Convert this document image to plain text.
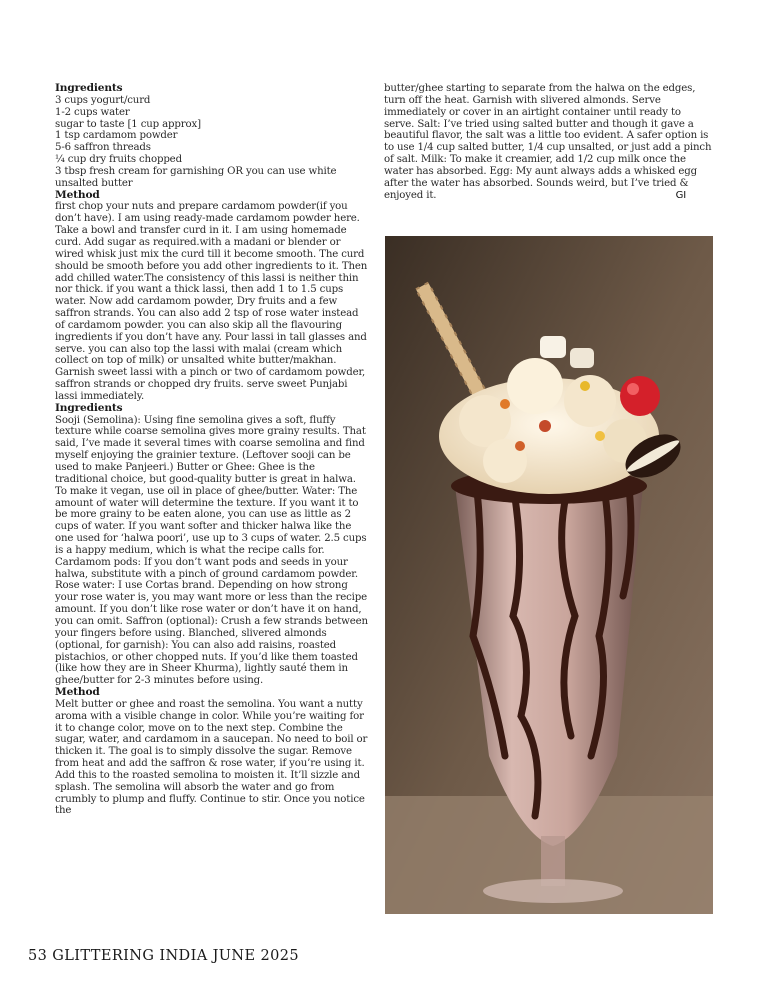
Ingredients

3 cups yogurt/curd

1-2 cups water

sugar to taste [1 cup approx]

1 tsp cardamom powder

5-6 saffron threads

¼ cup dry fruits chopped

3 tbsp fresh cream for garnishing OR you can use white unsalted butter

Method

first chop your nuts and prepare cardamom powder(if you don’t have). I am using ready-made cardamom powder here. Take a bowl and transfer curd in it. I am using homemade curd. Add sugar as required.with a madani or blender or wired whisk just mix the curd till it become smooth. The curd should be smooth before you add other ingredients to it. Then add chilled water.The consistency of this lassi is neither thin nor thick. if you want a thick lassi, then add 1 to 1.5 cups water. Now add cardamom powder, Dry fruits and a few saffron strands. You can also add 2 tsp of rose water instead of cardamom powder. you can also skip all the flavouring ingredients if you don’t have any. Pour lassi in tall glasses and serve. you can also top the lassi with malai (cream which collect on top of milk) or unsalted white butter/makhan. Garnish sweet lassi with a pinch or two of cardamom powder, saffron strands or chopped dry fruits. serve sweet Punjabi lassi immediately.

Ingredients

Sooji (Semolina): Using fine semolina gives a soft, fluffy texture while coarse semolina gives more grainy results. That said, I’ve made it several times with coarse semolina and find myself enjoying the grainier texture. (Leftover sooji can be used to make Panjeeri.) Butter or Ghee: Ghee is the traditional choice, but good-quality butter is great in halwa. To make it vegan, use oil in place of ghee/butter. Water: The amount of water will determine the texture. If you want it to be more grainy to be eaten alone, you can use as little as 2 cups of water. If you want softer and thicker halwa like the one used for ‘halwa poori’, use up to 3 cups of water. 2.5 cups is a happy medium, which is what the recipe calls for.

Cardamom pods: If you don’t want pods and seeds in your halwa, substitute with a pinch of ground cardamom powder. Rose water: I use Cortas brand. Depending on how strong your rose water is, you may want more or less than the recipe amount. If you don’t like rose water or don’t have it on hand, you can omit. Saffron (optional): Crush a few strands between your fingers before using. Blanched, slivered almonds (optional, for garnish): You can also add raisins, roasted pistachios, or other chopped nuts. If you’d like them toasted (like how they are in Sheer Khurma), lightly sauté them in ghee/butter for 2-3 minutes before using.

Method

Melt butter or ghee and roast the semolina. You want a nutty aroma with a visible change in color. While you’re waiting for it to change color, move on to the next step. Combine the sugar, water, and cardamom in a saucepan. No need to boil or thicken it. The goal is to simply dissolve the sugar. Remove from heat and add the saffron & rose water, if you’re using it. Add this to the roasted semolina to moisten it. It’ll sizzle and splash. The semolina will absorb the water and go from crumbly to plump and fluffy. Continue to stir. Once you notice the

butter/ghee starting to separate from the halwa on the edges, turn off the heat. Garnish with slivered almonds. Serve immediately or cover in an airtight container until ready to serve. Salt: I’ve tried using salted butter and though it gave a beautiful flavor, the salt was a little too evident. A safer option is to use 1/4 cup salted butter, 1/4 cup unsalted, or just add a pinch of salt. Milk: To make it creamier, add 1/2 cup milk once the water has absorbed. Egg: My aunt always adds a whisked egg after the water has absorbed. Sounds weird, but I’ve tried & enjoyed it.	GI

53 GLITTERING INDIA JUNE 2025
